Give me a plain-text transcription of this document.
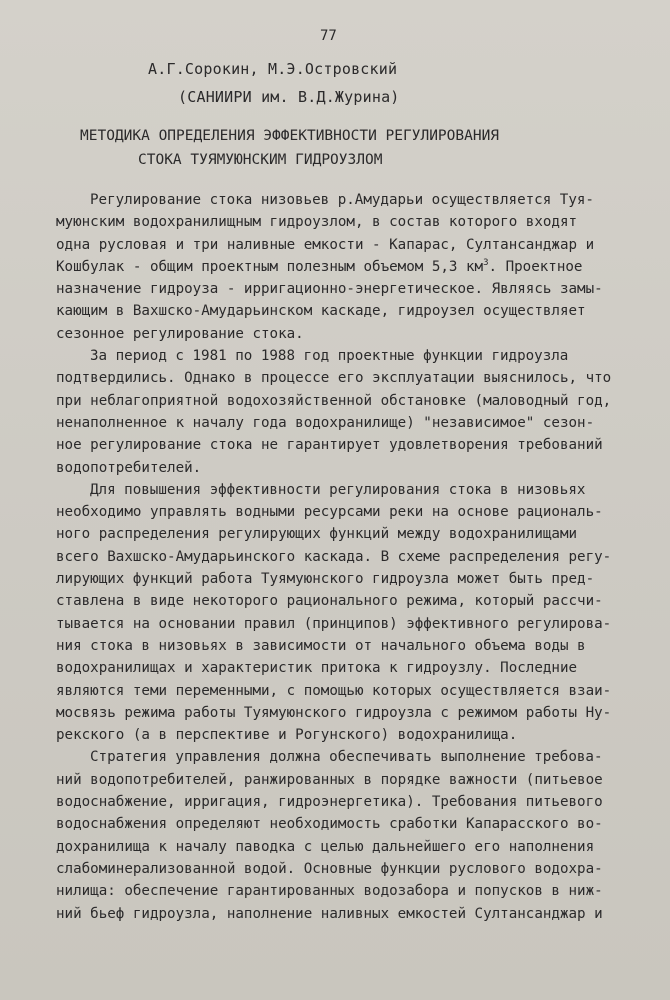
77
А.Г.Сорокин, М.Э.Островский
(САНИИРИ им. В.Д.Журина)
МЕТОДИКА ОПРЕДЕЛЕНИЯ ЭФФЕКТИВНОСТИ РЕГУЛИРОВАНИЯ
СТОКА ТУЯМУЮНСКИМ ГИДРОУЗЛОМ
Регулирование стока низовьев р.Амударьи осуществляется Туя-
муюнским водохранилищным гидроузлом, в состав которого входят
одна русловая и три наливные емкости - Капарас, Султансанджар и
Кошбулак - общим проектным полезным объемом 5,3 $км^3$. Проектное
назначение гидроуза - ирригационно-энергетическое. Являясь замы-
кающим в Вахшско-Амударьинском каскаде, гидроузел осуществляет
сезонное регулирование стока.
За период с 1981 по 1988 год проектные функции гидроузла
подтвердились. Однако в процессе его эксплуатации выяснилось, что
при неблагоприятной водохозяйственной обстановке (маловодный год,
ненаполненное к началу года водохранилище) "независимое" сезон-
ное регулирование стока не гарантирует удовлетворения требований
водопотребителей.
Для повышения эффективности регулирования стока в низовьях
необходимо управлять водными ресурсами реки на основе рациональ-
ного распределения регулирующих функций между водохранилищами
всего Вахшско-Амударьинского каскада. В схеме распределения регу-
лирующих функций работа Туямуюнского гидроузла может быть пред-
ставлена в виде некоторого рационального режима, который рассчи-
тывается на основании правил (принципов) эффективного регулирова-
ния стока в низовьях в зависимости от начального объема воды в
водохранилищах и характеристик притока к гидроузлу. Последние
являются теми переменными, с помощью которых осуществляется взаи-
мосвязь режима работы Туямуюнского гидроузла с режимом работы Ну-
рекского (а в перспективе и Рогунского) водохранилища.
Стратегия управления должна обеспечивать выполнение требова-
ний водопотребителей, ранжированных в порядке важности (питьевое
водоснабжение, ирригация, гидроэнергетика). Требования питьевого
водоснабжения определяют необходимость сработки Капарасского во-
дохранилища к началу паводка с целью дальнейшего его наполнения
слабоминерализованной водой. Основные функции руслового водохра-
нилища: обеспечение гарантированных водозабора и попусков в ниж-
ний бьеф гидроузла, наполнение наливных емкостей Султансанджар и
